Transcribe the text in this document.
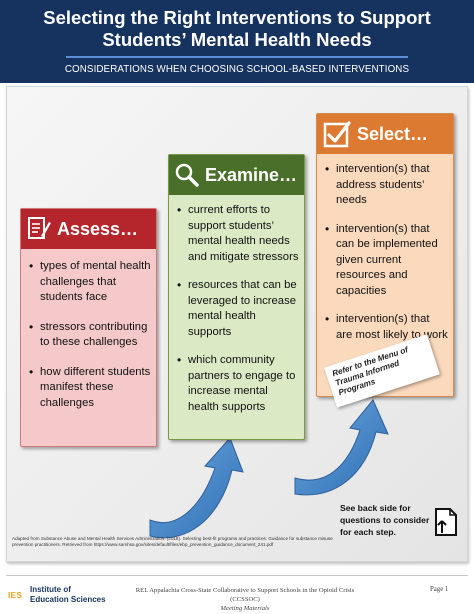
Selecting the Right Interventions to Support
Students’ Mental Health Needs
CONSIDERATIONS WHEN CHOOSING SCHOOL-BASED INTERVENTIONS
Assess…
• types of mental health challenges that students face
• stressors contributing to these challenges
• how different students manifest these challenges
Examine…
• current efforts to support students’ mental health needs and mitigate stressors
• resources that can be leveraged to increase mental health supports
• which community partners to engage to increase mental health supports
Select…
• intervention(s) that address students’ needs
• intervention(s) that can be implemented given current resources and capacities
• intervention(s) that are most likely to work
Refer to the Menu of Trauma Informed Programs
See back side for questions to consider for each step.
Adapted from Substance Abuse and Mental Health Services Administration. (2018). Selecting best-fit programs and practices: Guidance for substance misuse
prevention practitioners. Retrieved from https://www.samhsa.gov/sites/default/files/ebp_prevention_guidance_document_241.pdf
IES
Institute of
Education Sciences
REL Appalachia Cross-State Collaborative to Support Schools in the Opioid Crisis (CCSSOC)
Meeting Materials
Page 1
